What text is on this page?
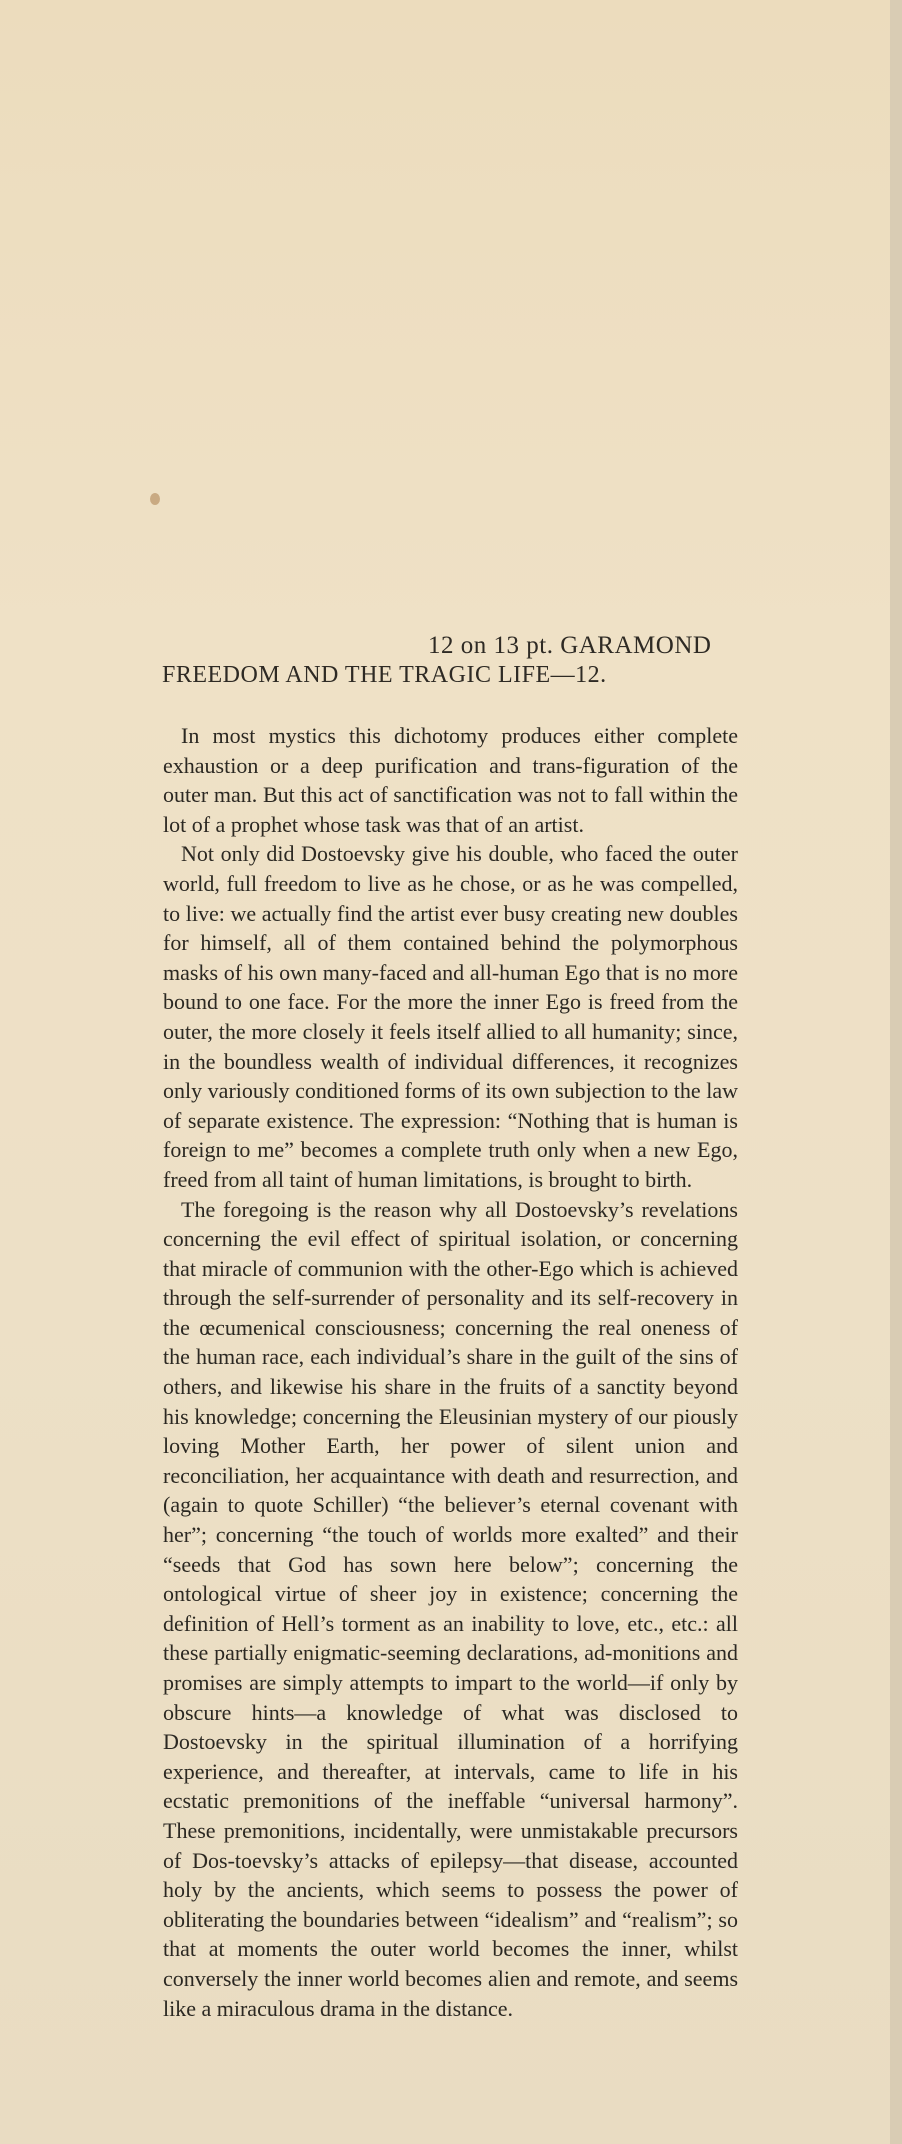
12 on 13 pt. GARAMOND
FREEDOM AND THE TRAGIC LIFE—12.

In most mystics this dichotomy produces either complete exhaustion or a deep purification and trans-figuration of the outer man. But this act of sanctification was not to fall within the lot of a prophet whose task was that of an artist.

Not only did Dostoevsky give his double, who faced the outer world, full freedom to live as he chose, or as he was compelled, to live: we actually find the artist ever busy creating new doubles for himself, all of them contained behind the polymorphous masks of his own many-faced and all-human Ego that is no more bound to one face. For the more the inner Ego is freed from the outer, the more closely it feels itself allied to all humanity; since, in the boundless wealth of individual differences, it recognizes only variously conditioned forms of its own subjection to the law of separate existence. The expression: “Nothing that is human is foreign to me” becomes a complete truth only when a new Ego, freed from all taint of human limitations, is brought to birth.

The foregoing is the reason why all Dostoevsky’s revelations concerning the evil effect of spiritual isolation, or concerning that miracle of communion with the other-Ego which is achieved through the self-surrender of personality and its self-recovery in the œcumenical consciousness; concerning the real oneness of the human race, each individual’s share in the guilt of the sins of others, and likewise his share in the fruits of a sanctity beyond his knowledge; concerning the Eleusinian mystery of our piously loving Mother Earth, her power of silent union and reconciliation, her acquaintance with death and resurrection, and (again to quote Schiller) “the believer’s eternal covenant with her”; concerning “the touch of worlds more exalted” and their “seeds that God has sown here below”; concerning the ontological virtue of sheer joy in existence; concerning the definition of Hell’s torment as an inability to love, etc., etc.: all these partially enigmatic-seeming declarations, ad-monitions and promises are simply attempts to impart to the world—if only by obscure hints—a knowledge of what was disclosed to Dostoevsky in the spiritual illumination of a horrifying experience, and thereafter, at intervals, came to life in his ecstatic premonitions of the ineffable “universal harmony”. These premonitions, incidentally, were unmistakable precursors of Dos-toevsky’s attacks of epilepsy—that disease, accounted holy by the ancients, which seems to possess the power of obliterating the boundaries between “idealism” and “realism”; so that at moments the outer world becomes the inner, whilst conversely the inner world becomes alien and remote, and seems like a miraculous drama in the distance.
